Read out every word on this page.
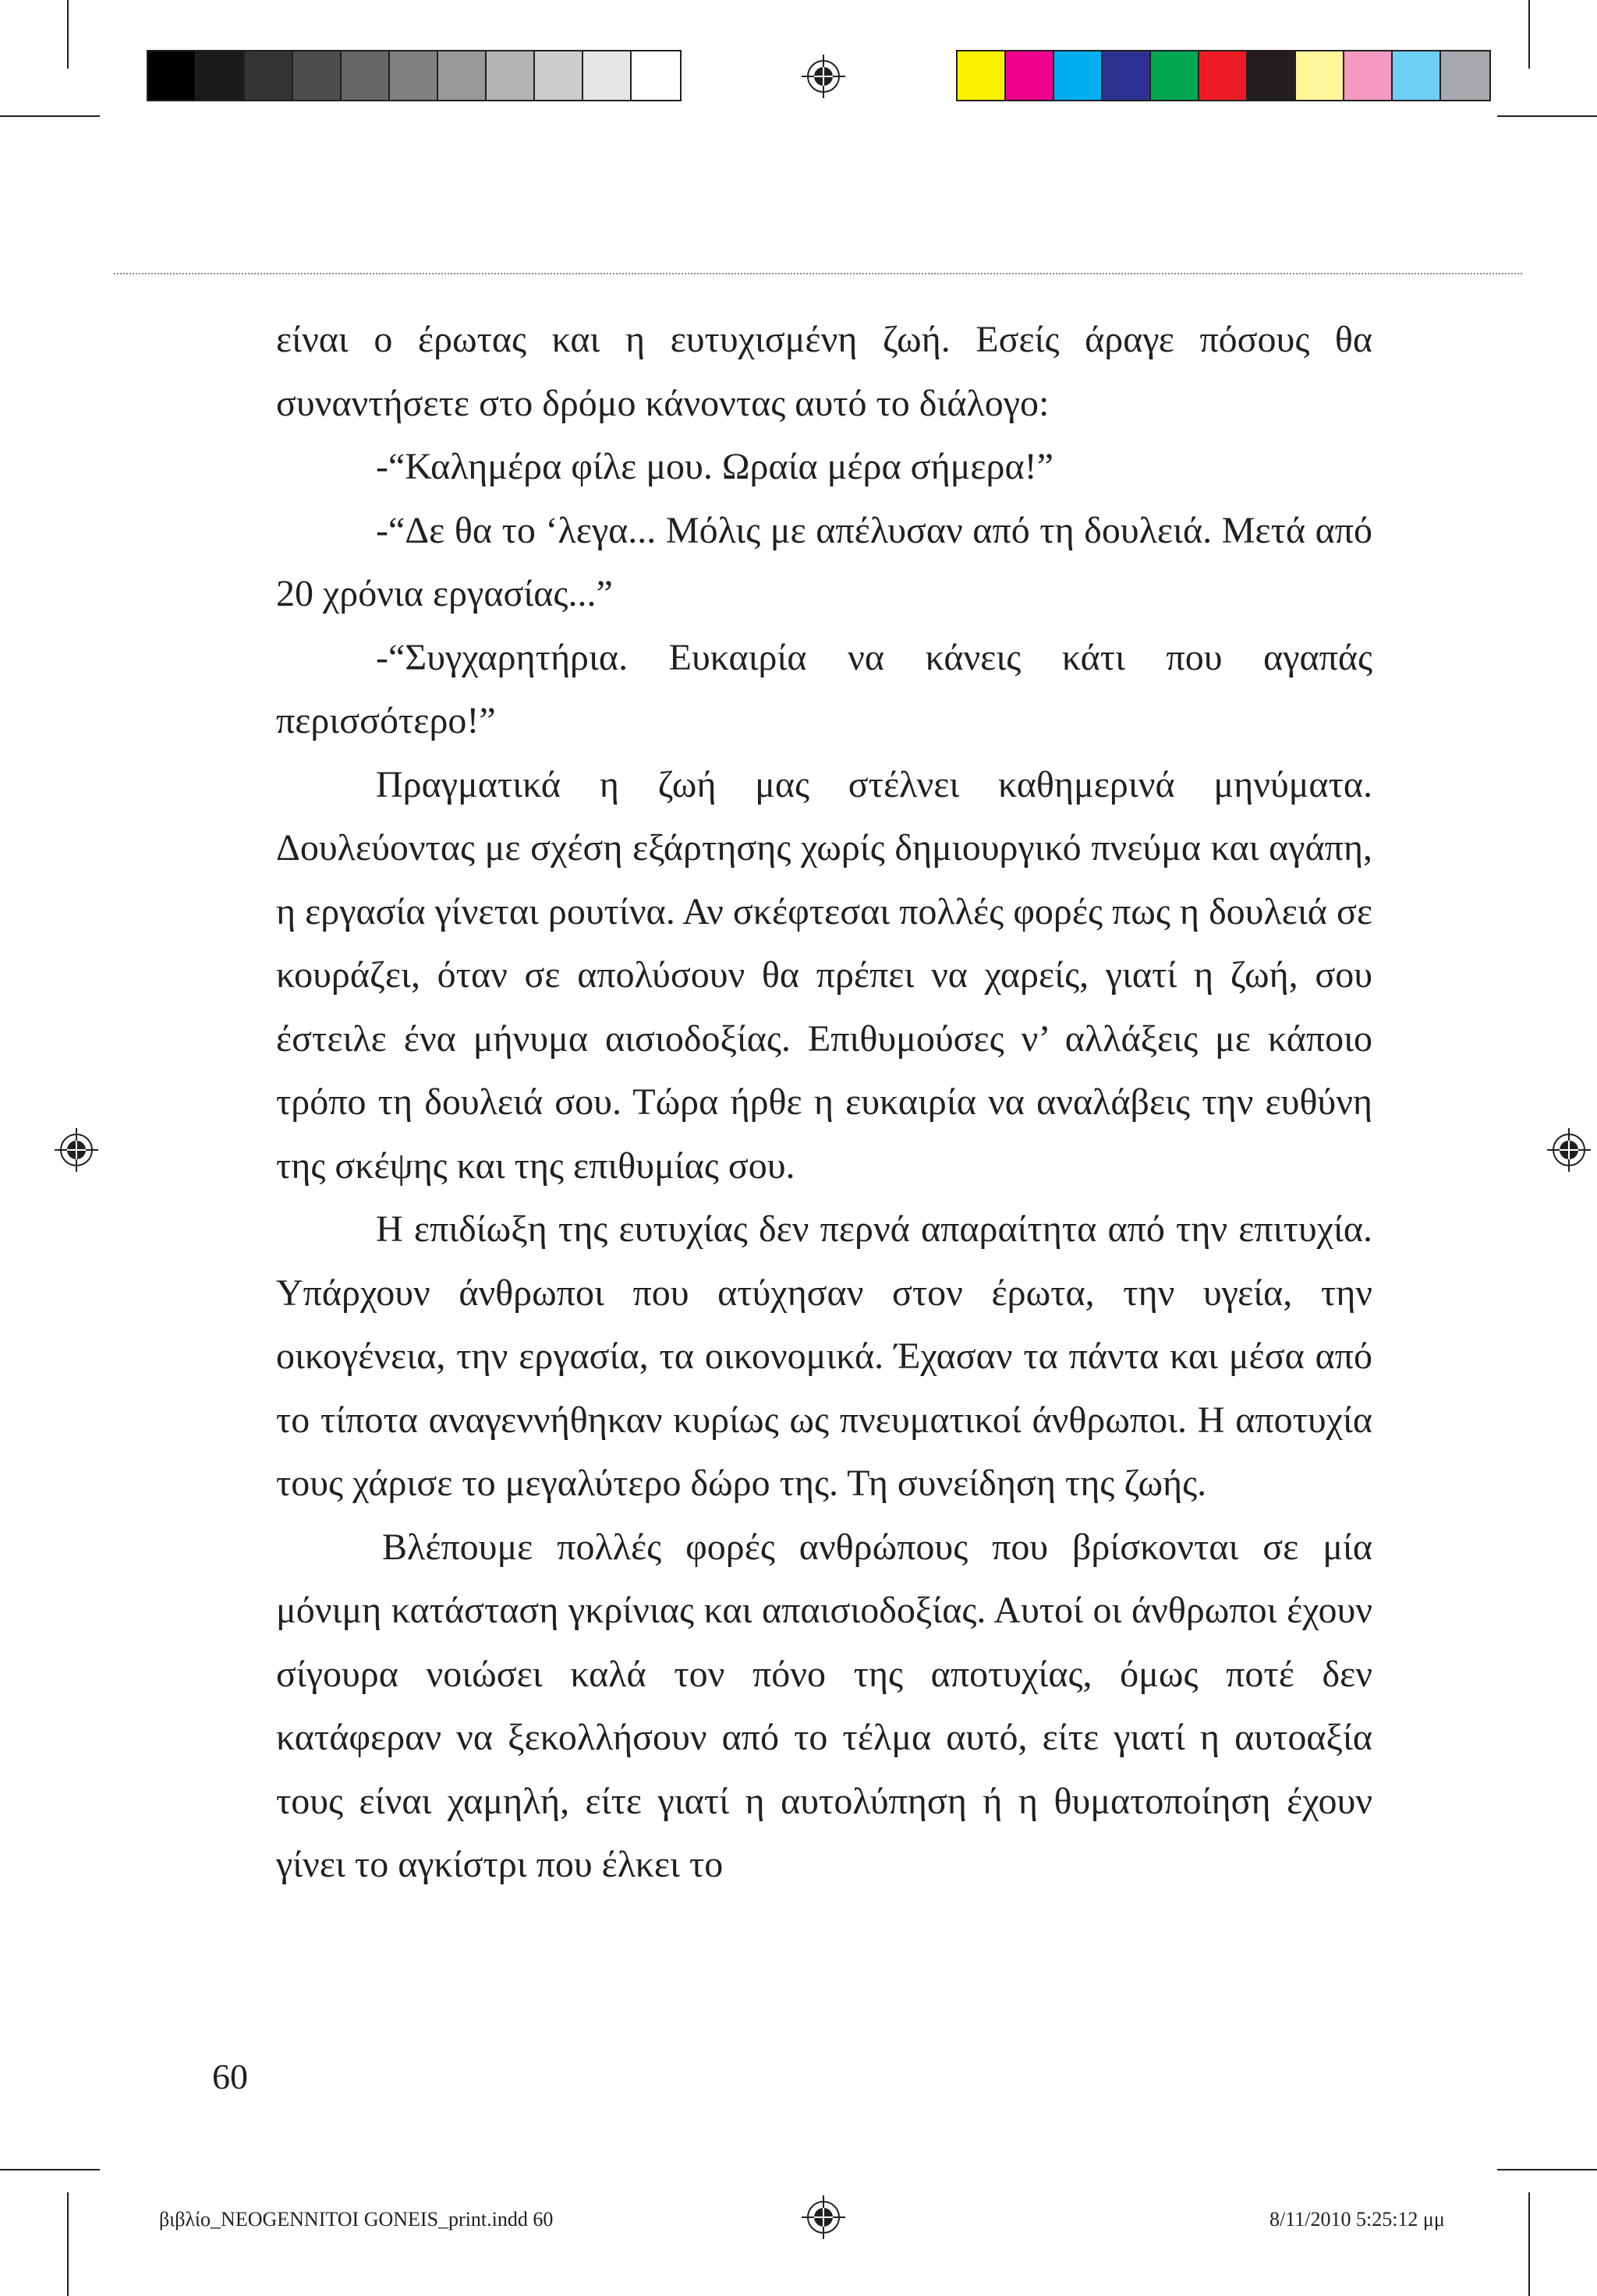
είναι ο έρωτας και η ευτυχισμένη ζωή. Εσείς άραγε πόσους θα συναντήσετε στο δρόμο κάνοντας αυτό το διάλογο:

-“Καλημέρα φίλε μου. Ωραία μέρα σήμερα!”

-“Δε θα το ‘λεγα... Μόλις με απέλυσαν από τη δουλειά. Μετά από 20 χρόνια εργασίας...”

-“Συγχαρητήρια. Ευκαιρία να κάνεις κάτι που αγαπάς περισσότερο!”

Πραγματικά η ζωή μας στέλνει καθημερινά μηνύματα. Δουλεύοντας με σχέση εξάρτησης χωρίς δημιουργικό πνεύμα και αγάπη, η εργασία γίνεται ρουτίνα. Αν σκέφτεσαι πολλές φορές πως η δουλειά σε κουράζει, όταν σε απολύσουν θα πρέπει να χαρείς, γιατί η ζωή, σου έστειλε ένα μήνυμα αισιοδοξίας. Επιθυμούσες ν’ αλλάξεις με κάποιο τρόπο τη δουλειά σου. Τώρα ήρθε η ευκαιρία να αναλάβεις την ευθύνη της σκέψης και της επιθυμίας σου.

Η επιδίωξη της ευτυχίας δεν περνά απαραίτητα από την επιτυχία. Υπάρχουν άνθρωποι που ατύχησαν στον έρωτα, την υγεία, την οικογένεια, την εργασία, τα οικονομικά. Έχασαν τα πάντα και μέσα από το τίποτα αναγεννήθηκαν κυρίως ως πνευματικοί άνθρωποι. Η αποτυχία τους χάρισε το μεγαλύτερο δώρο της. Τη συνείδηση της ζωής.

Βλέπουμε πολλές φορές ανθρώπους που βρίσκονται σε μία μόνιμη κατάσταση γκρίνιας και απαισιοδοξίας. Αυτοί οι άνθρωποι έχουν σίγουρα νοιώσει καλά τον πόνο της αποτυχίας, όμως ποτέ δεν κατάφεραν να ξεκολλήσουν από το τέλμα αυτό, είτε γιατί η αυτοαξία τους είναι χαμηλή, είτε γιατί η αυτολύπηση ή η θυματοποίηση έχουν γίνει το αγκίστρι που έλκει το

60
βιβλίο_NEOGENNITOI GONEIS_print.indd 60	8/11/2010 5:25:12 μμ
